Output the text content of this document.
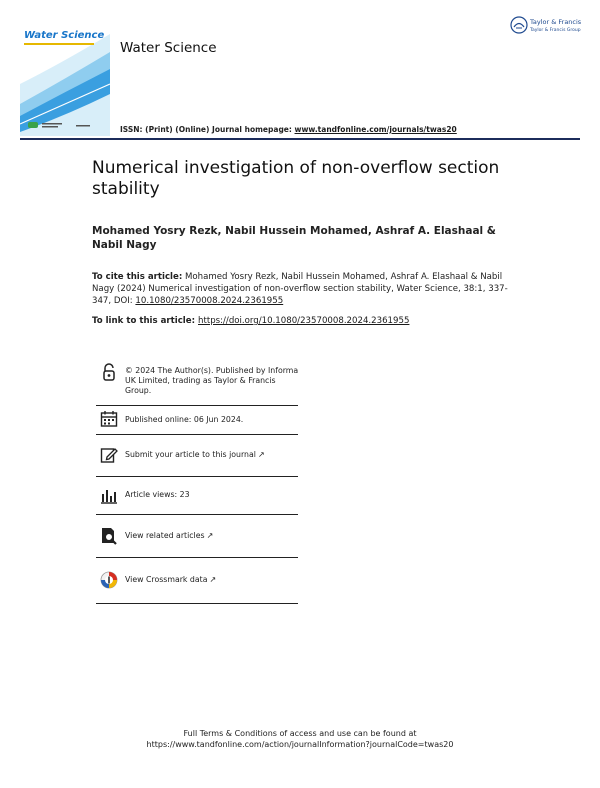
Water Science
Water Science
Taylor & Francis
Taylor & Francis Group
ISSN: (Print) (Online) Journal homepage: www.tandfonline.com/journals/twas20
Numerical investigation of non-overflow section stability
Mohamed Yosry Rezk, Nabil Hussein Mohamed, Ashraf A. Elashaal & Nabil Nagy
To cite this article: Mohamed Yosry Rezk, Nabil Hussein Mohamed, Ashraf A. Elashaal & Nabil Nagy (2024) Numerical investigation of non-overflow section stability, Water Science, 38:1, 337-347, DOI: 10.1080/23570008.2024.2361955
To link to this article: https://doi.org/10.1080/23570008.2024.2361955
© 2024 The Author(s). Published by Informa UK Limited, trading as Taylor & Francis Group.
Published online: 06 Jun 2024.
Submit your article to this journal ↗
Article views: 23
View related articles ↗
View Crossmark data ↗
Full Terms & Conditions of access and use can be found at
https://www.tandfonline.com/action/journalInformation?journalCode=twas20
